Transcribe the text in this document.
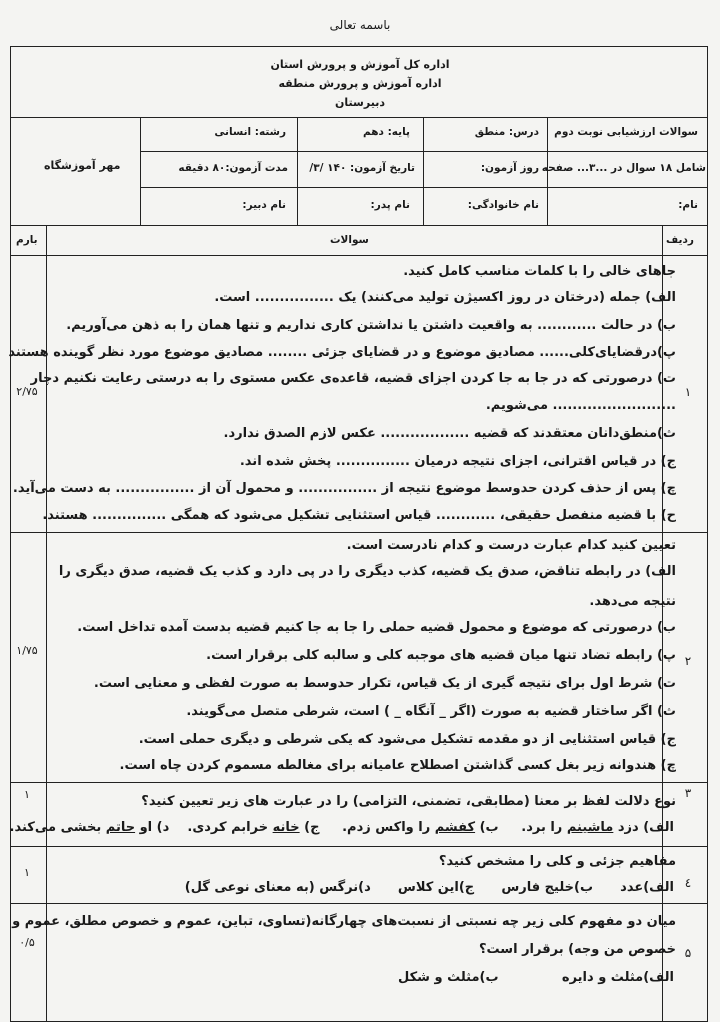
باسمه تعالی
اداره کل آموزش و پرورش استان
اداره آموزش و پرورش منطقه
دبیرستان
سوالات ارزشیابی نوبت دوم
درس: منطق
پایه: دهم
رشته: انسانی
شامل ۱۸ سوال در ...۳... صفحه
روز آزمون:
تاریخ آزمون: ۱۴۰ /۳/
مدت آزمون:۸۰ دقیقه
مهر آموزشگاه
نام:
نام خانوادگی:
نام پدر:
نام دبیر:
ردیف
سوالات
بارم
۱
۲/۷۵
جاهای خالی را با کلمات مناسب کامل کنید.
الف) جمله (درختان در روز اکسیژن تولید می‌کنند) یک ................ است.
ب) در حالت ............ به واقعیت داشتن یا نداشتن کاری نداریم و تنها همان را به ذهن می‌آوریم.
پ)درقضایای‌کلی...... مصادیق موضوع و در قضایای جزئی ........ مصادیق موضوع مورد نظر گوینده هستند
ت) درصورتی که در جا به جا کردن اجزای قضیه، قاعده‌ی عکس مستوی را به درستی رعایت نکنیم دچار
......................... می‌شویم.
ث)منطق‌دانان معتقدند که قضیه .................. عکس لازم الصدق ندارد.
ج) در قیاس اقترانی، اجزای نتیجه درمیان ............... پخش شده اند.
چ) پس از حذف کردن حدوسط موضوع نتیجه از ................ و محمول آن از ................ به دست می‌آید.
ح) با قضیه منفصل حقیقی، ............ قیاس استثنایی تشکیل می‌شود که همگی ............... هستند.
۲
۱/۷۵
تعیین کنید کدام عبارت درست و کدام نادرست است.
الف) در رابطه تناقض، صدق یک قضیه، کذب دیگری را در پی دارد و کذب یک قضیه، صدق دیگری را
نتیجه می‌دهد.
ب) درصورتی که موضوع و محمول قضیه حملی را جا به جا کنیم قضیه بدست آمده تداخل است.
پ) رابطه تضاد تنها میان قضیه های موجبه کلی و سالبه کلی برقرار است.
ت) شرط اول برای نتیجه گیری از یک قیاس، تکرار حدوسط به صورت لفظی و معنایی است.
ث) اگر ساختار قضیه به صورت (اگر _ آنگاه _ ) است، شرطی متصل می‌گویند.
ج) قیاس استثنایی از دو مقدمه تشکیل می‌شود که یکی شرطی و دیگری حملی است.
چ) هندوانه زیر بغل کسی گذاشتن اصطلاح عامیانه برای مغالطه مسموم کردن چاه است.
۳
۱	نوع دلالت لفظ بر معنا (مطابقی، تضمنی، التزامی) را در عبارت های زیر تعیین کنید؟
الف) دزد ماشینم را برد.     ب) کفشم را واکس زدم.     ج) خانه خرابم کردی.    د) او حاتم بخشی می‌کند.
٤
۱
مفاهیم جزئی و کلی را مشخص کنید؟
الف)عدد      ب)خلیج فارس      ج)این کلاس      د)نرگس (به معنای نوعی گل)
۵
۰/۵
میان دو مفهوم کلی زیر چه نسبتی از نسبت‌های چهارگانه(تساوی، تباین، عموم و خصوص مطلق، عموم و
خصوص من وجه) برقرار است؟
الف)مثلث و دایره              ب)مثلث و شکل
